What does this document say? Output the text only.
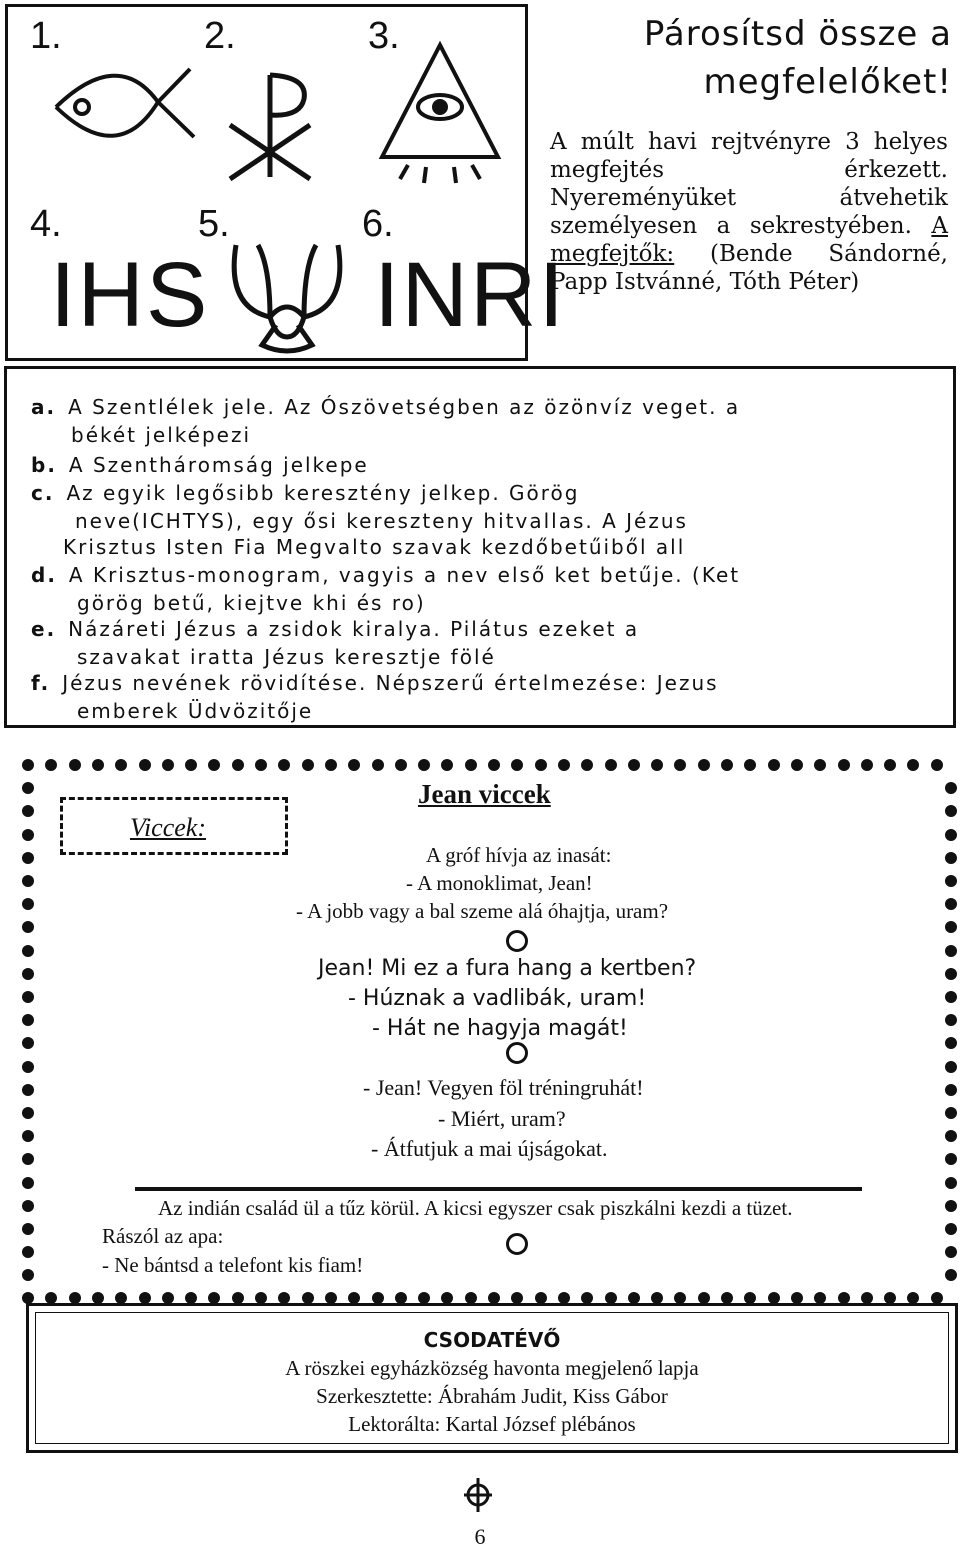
1.	2.	3.
4.	5.	6.
IHS INRI
Párosítsd össze a megfelelőket!
A múlt havi rejtvényre 3 helyes megfejtés érkezett. Nyereményüket átvehetik személyesen a sekrestyében. A megfejtők: (Bende Sándorné, Papp Istvánné, Tóth Péter)
a. A Szentlélek jele. Az Ószövetségben az özönvíz veget. a
békét jelképezi
b. A Szentháromság jelkepe
c. Az egyik legősibb keresztény jelkep. Görög
neve(ICHTYS), egy ősi kereszteny hitvallas. A Jézus
Krisztus Isten Fia Megvalto szavak kezdőbetűiből all
d. A Krisztus-monogram, vagyis a nev első ket betűje. (Ket
görög betű, kiejtve khi és ro)
e. Názáreti Jézus a zsidok kiralya. Pilátus ezeket a
szavakat iratta Jézus keresztje fölé
f. Jézus nevének rövidítése. Népszerű értelmezése: Jezus
emberek Üdvözitője
Viccek:
Jean viccek
A gróf hívja az inasát:
- A monoklimat, Jean!
- A jobb vagy a bal szeme alá óhajtja, uram?
Jean! Mi ez a fura hang a kertben?
- Húznak a vadlibák, uram!
- Hát ne hagyja magát!
- Jean! Vegyen föl tréningruhát!
- Miért, uram?
- Átfutjuk a mai újságokat.
Az indián család ül a tűz körül. A kicsi egyszer csak piszkálni kezdi a tüzet.
Rászól az apa:
- Ne bántsd a telefont kis fiam!
CSODATÉVŐ
A röszkei egyházközség havonta megjelenő lapja
Szerkesztette: Ábrahám Judit, Kiss Gábor
Lektorálta: Kartal József plébános
6
